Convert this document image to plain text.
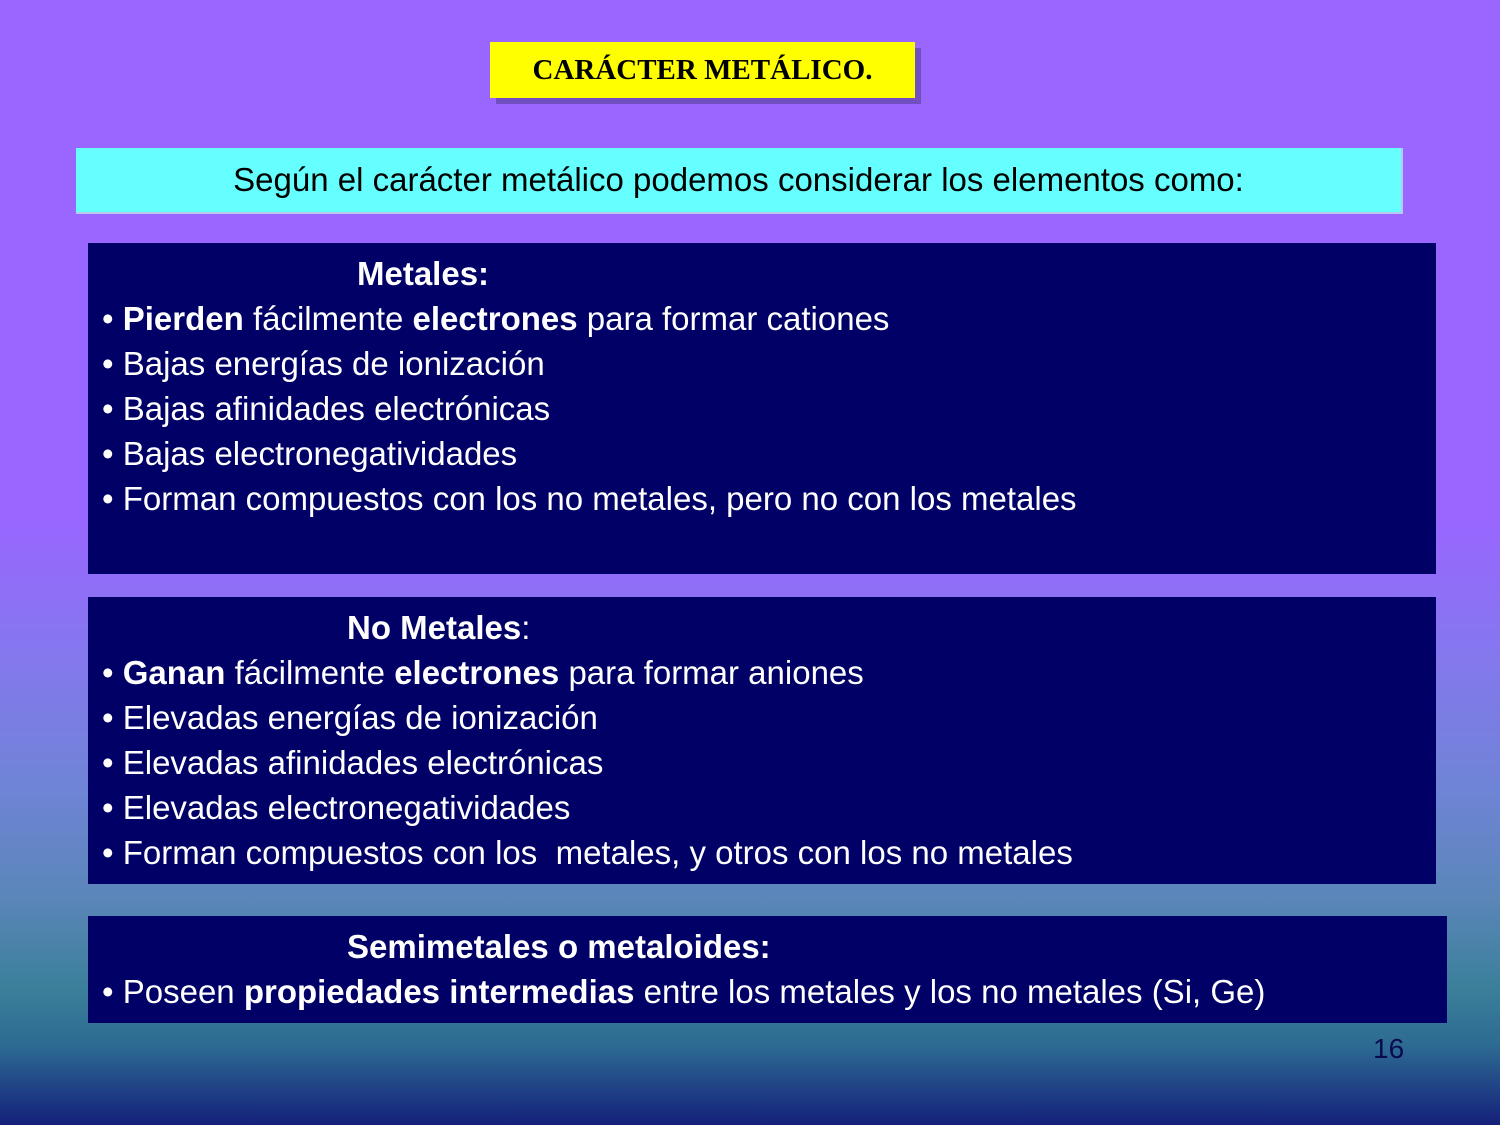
CARÁCTER METÁLICO.
Según el carácter metálico podemos considerar los elementos como:
Metales:
• Pierden fácilmente electrones para formar cationes
• Bajas energías de ionización
• Bajas afinidades electrónicas
• Bajas electronegatividades
• Forman compuestos con los no metales, pero no con los metales
No Metales:
• Ganan fácilmente electrones para formar aniones
• Elevadas energías de ionización
• Elevadas afinidades electrónicas
• Elevadas electronegatividades
• Forman compuestos con los  metales, y otros con los no metales
Semimetales o metaloides:
• Poseen propiedades intermedias entre los metales y los no metales (Si, Ge)
16
